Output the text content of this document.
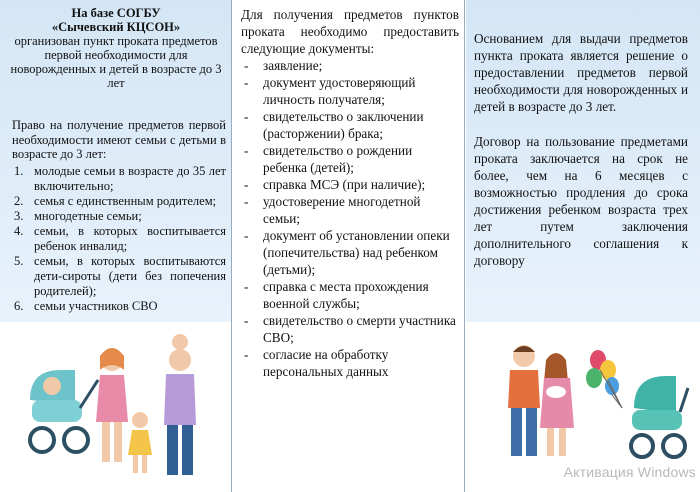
На базе СОГБУ
«Сычевский КЦСОН»
организован пункт проката предметов первой необходимости для новорожденных и детей в возрасте до 3 лет
Право на получение предметов первой необходимости имеют семьи с детьми в возрасте до 3 лет:
1. молодые семьи в возрасте до 35 лет включительно;
2. семья с единственным родителем;
3. многодетные семьи;
4. семьи, в которых воспитывается ребенок инвалид;
5. семьи, в которых воспитываются дети-сироты (дети без попечения родителей);
6. семьи участников СВО
Для получения предметов пунктов проката необходимо предоставить следующие документы:
- заявление;
- документ удостоверяющий личность получателя;
- свидетельство о заключении (расторжении) брака;
- свидетельство о рождении ребенка (детей);
- справка МСЭ (при наличие);
- удостоверение многодетной семьи;
- документ об установлении опеки (попечительства) над ребенком (детьми);
- справка с места прохождения военной службы;
- свидетельство о смерти участника СВО;
- согласие на обработку персональных данных

Основанием для выдачи предметов пункта проката является решение о предоставлении предметов первой необходимости для новорожденных и детей в возрасте до 3 лет.

Договор на пользование предметами проката заключается на срок не более, чем на 6 месяцев с возможностью продления до срока достижения ребенком возраста трех лет путем заключения дополнительного соглашения к договору

Активация Windows
